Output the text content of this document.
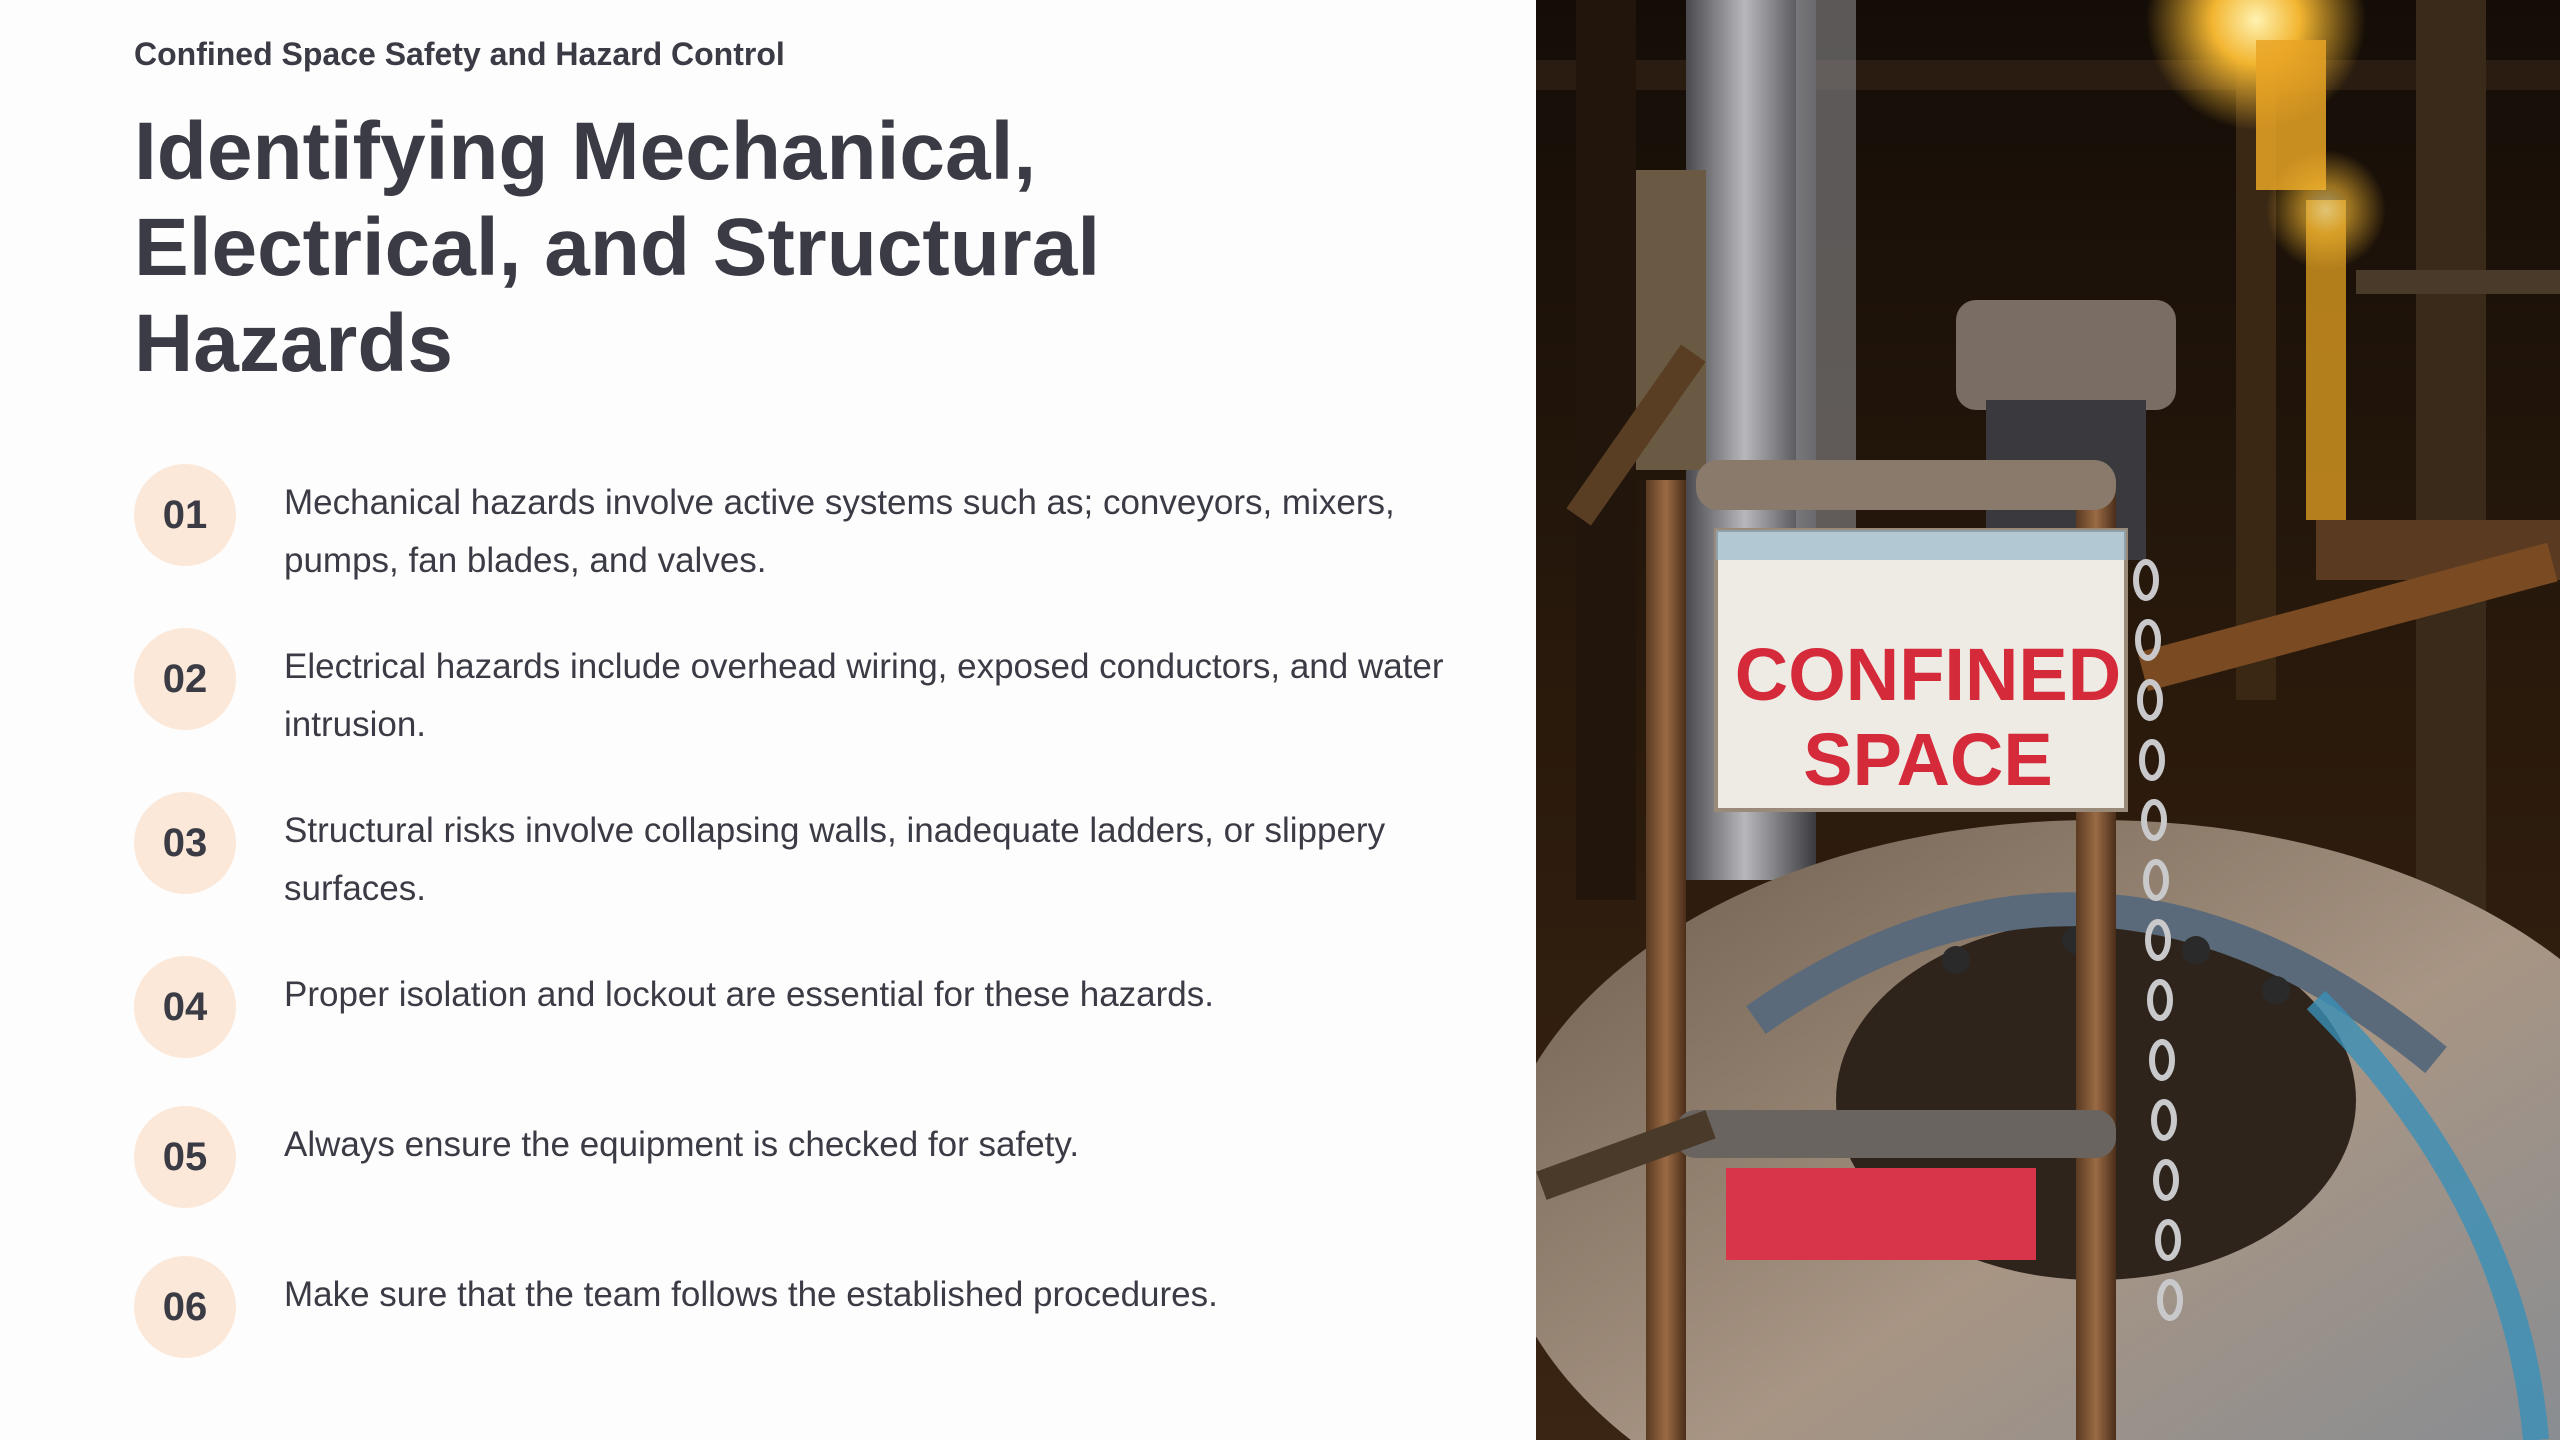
Confined Space Safety and Hazard Control
Identifying Mechanical, Electrical, and Structural Hazards
01	Mechanical hazards involve active systems such as; conveyors, mixers, pumps, fan blades, and valves.
02	Electrical hazards include overhead wiring, exposed conductors, and water intrusion.
03	Structural risks involve collapsing walls, inadequate ladders, or slippery surfaces.
04	Proper isolation and lockout are essential for these hazards.
05	Always ensure the equipment is checked for safety.
06	Make sure that the team follows the established procedures.
CONFINED
SPACE
